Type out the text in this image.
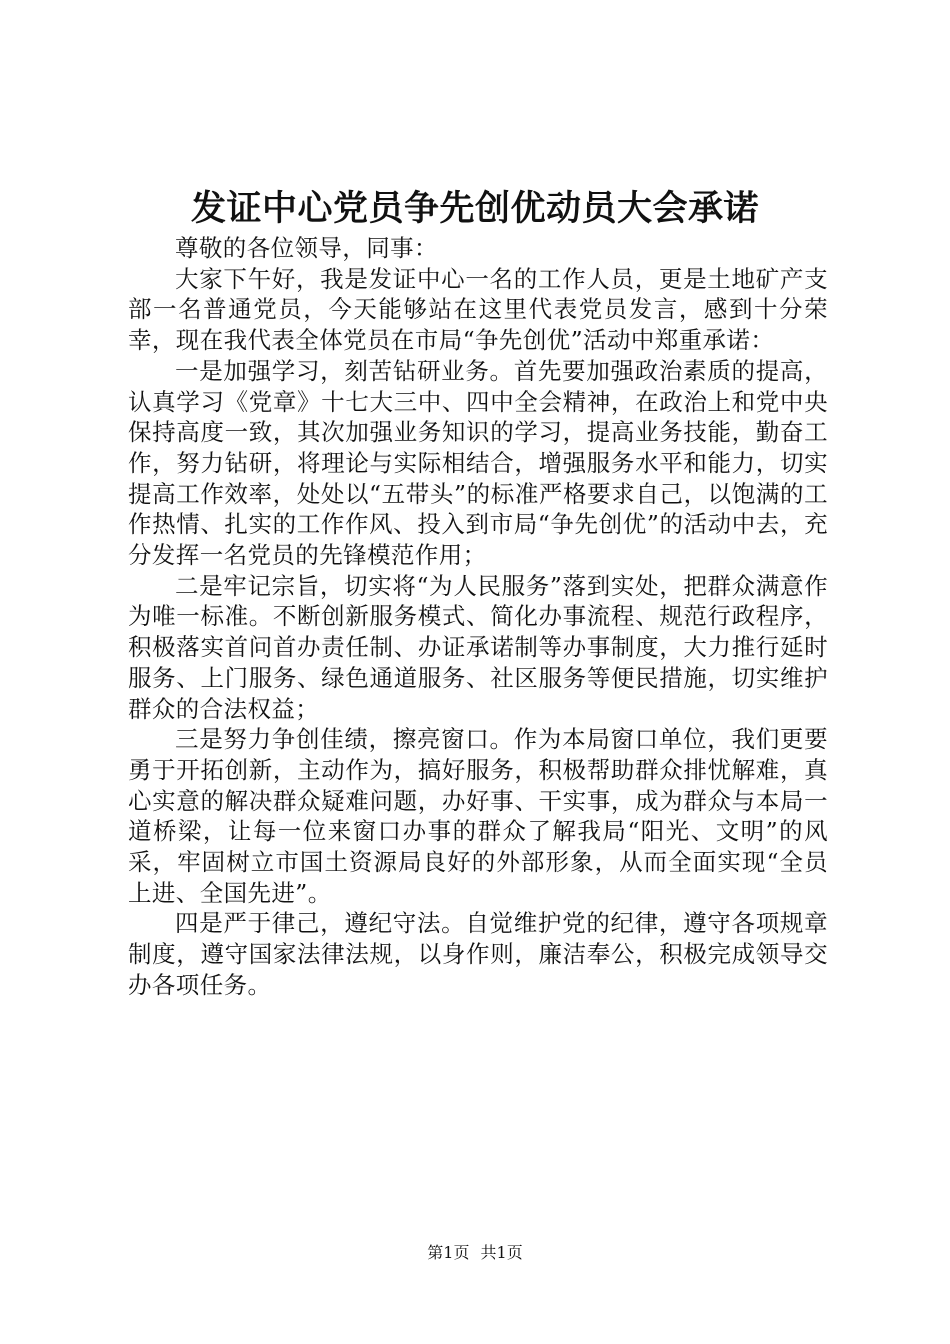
发证中心党员争先创优动员大会承诺

尊敬的各位领导，同事：

大家下午好，我是发证中心一名的工作人员，更是土地矿产支部一名普通党员，今天能够站在这里代表党员发言，感到十分荣幸，现在我代表全体党员在市局“争先创优”活动中郑重承诺：

一是加强学习，刻苦钻研业务。首先要加强政治素质的提高，认真学习《党章》十七大三中、四中全会精神，在政治上和党中央保持高度一致，其次加强业务知识的学习，提高业务技能，勤奋工作，努力钻研，将理论与实际相结合，增强服务水平和能力，切实提高工作效率，处处以“五带头”的标准严格要求自己，以饱满的工作热情、扎实的工作作风、投入到市局“争先创优”的活动中去，充分发挥一名党员的先锋模范作用；

二是牢记宗旨，切实将“为人民服务”落到实处，把群众满意作为唯一标准。不断创新服务模式、简化办事流程、规范行政程序，积极落实首问首办责任制、办证承诺制等办事制度，大力推行延时服务、上门服务、绿色通道服务、社区服务等便民措施，切实维护群众的合法权益；

三是努力争创佳绩，擦亮窗口。作为本局窗口单位，我们更要勇于开拓创新，主动作为，搞好服务，积极帮助群众排忧解难，真心实意的解决群众疑难问题，办好事、干实事，成为群众与本局一道桥梁，让每一位来窗口办事的群众了解我局“阳光、文明”的风采，牢固树立市国土资源局良好的外部形象，从而全面实现“全员上进、全国先进”。

四是严于律己，遵纪守法。自觉维护党的纪律，遵守各项规章制度，遵守国家法律法规，以身作则，廉洁奉公，积极完成领导交办各项任务。

第1页 共1页
